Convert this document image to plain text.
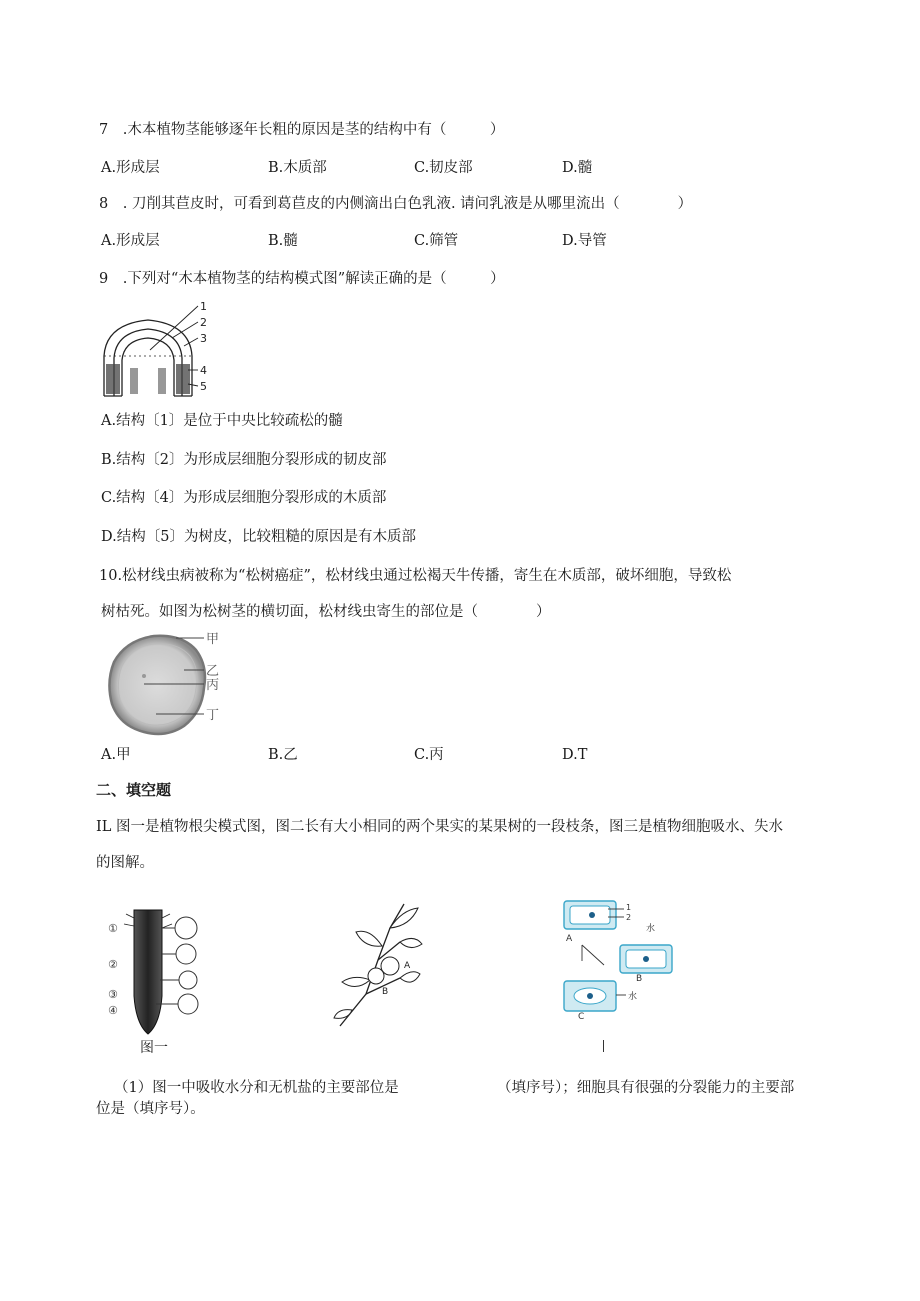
7　.木本植物茎能够逐年长粗的原因是茎的结构中有（　　　）
A.形成层	B.木质部	C.韧皮部	D.髓
8　. 刀削其苣皮时，可看到葛苣皮的内侧滴出白色乳液. 请问乳液是从哪里流出（　　　　）
A.形成层	B.髓	C.筛管	D.导管
9　.下列对“木本植物茎的结构模式图”解读正确的是（　　　）
1
2
3
4
5
A.结构〔1〕是位于中央比较疏松的髓
B.结构〔2〕为形成层细胞分裂形成的韧皮部
C.结构〔4〕为形成层细胞分裂形成的木质部
D.结构〔5〕为树皮，比较粗糙的原因是有木质部
10.松材线虫病被称为“松树癌症”，松材线虫通过松褐天牛传播，寄生在木质部，破坏细胞，导致松
树枯死。如图为松树茎的横切面，松材线虫寄生的部位是（　　　　）
甲
乙
丙
丁
A.甲	B.乙	C.丙	D.T
二、填空题
IL 图一是植物根尖模式图，图二长有大小相同的两个果实的某果树的一段枝条，图三是植物细胞吸水、失水
的图解。
①
②
③
④
图一
A
B
1
2
水
A
B
水
C
（1）图一中吸收水分和无机盐的主要部位是	（填序号）；细胞具有很强的分裂能力的主要部
位是（填序号）。
